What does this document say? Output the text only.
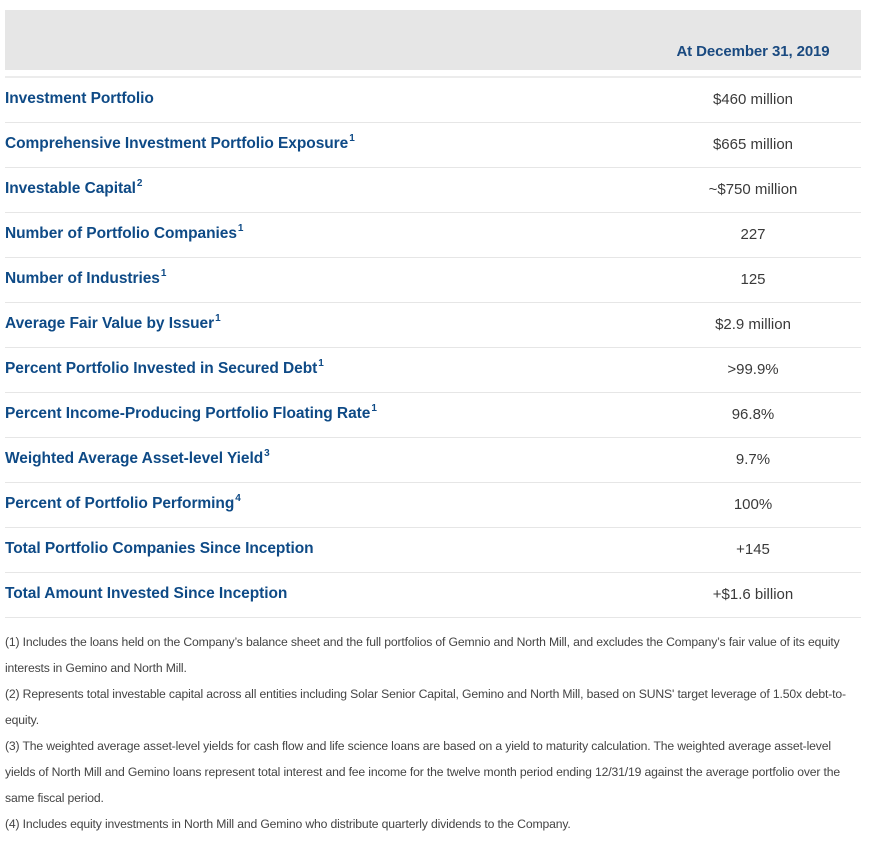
At December 31, 2019
Investment Portfolio	$460 million
Comprehensive Investment Portfolio Exposure$^1$	$665 million
Investable Capital$^2$	~$750 million
Number of Portfolio Companies$^1$	227
Number of Industries$^1$	125
Average Fair Value by Issuer$^1$	$2.9 million
Percent Portfolio Invested in Secured Debt$^1$	>99.9%
Percent Income-Producing Portfolio Floating Rate$^1$	96.8%
Weighted Average Asset-level Yield$^3$	9.7%
Percent of Portfolio Performing$^4$	100%
Total Portfolio Companies Since Inception	+145
Total Amount Invested Since Inception	+$1.6 billion

(1) Includes the loans held on the Company’s balance sheet and the full portfolios of Gemnio and North Mill, and excludes the Company’s fair value of its equity interests in Gemino and North Mill.

(2) Represents total investable capital across all entities including Solar Senior Capital, Gemino and North Mill, based on SUNS' target leverage of 1.50x debt-to-equity.

(3) The weighted average asset-level yields for cash flow and life science loans are based on a yield to maturity calculation. The weighted average asset-level yields of North Mill and Gemino loans represent total interest and fee income for the twelve month period ending 12/31/19 against the average portfolio over the same fiscal period.

(4) Includes equity investments in North Mill and Gemino who distribute quarterly dividends to the Company.
